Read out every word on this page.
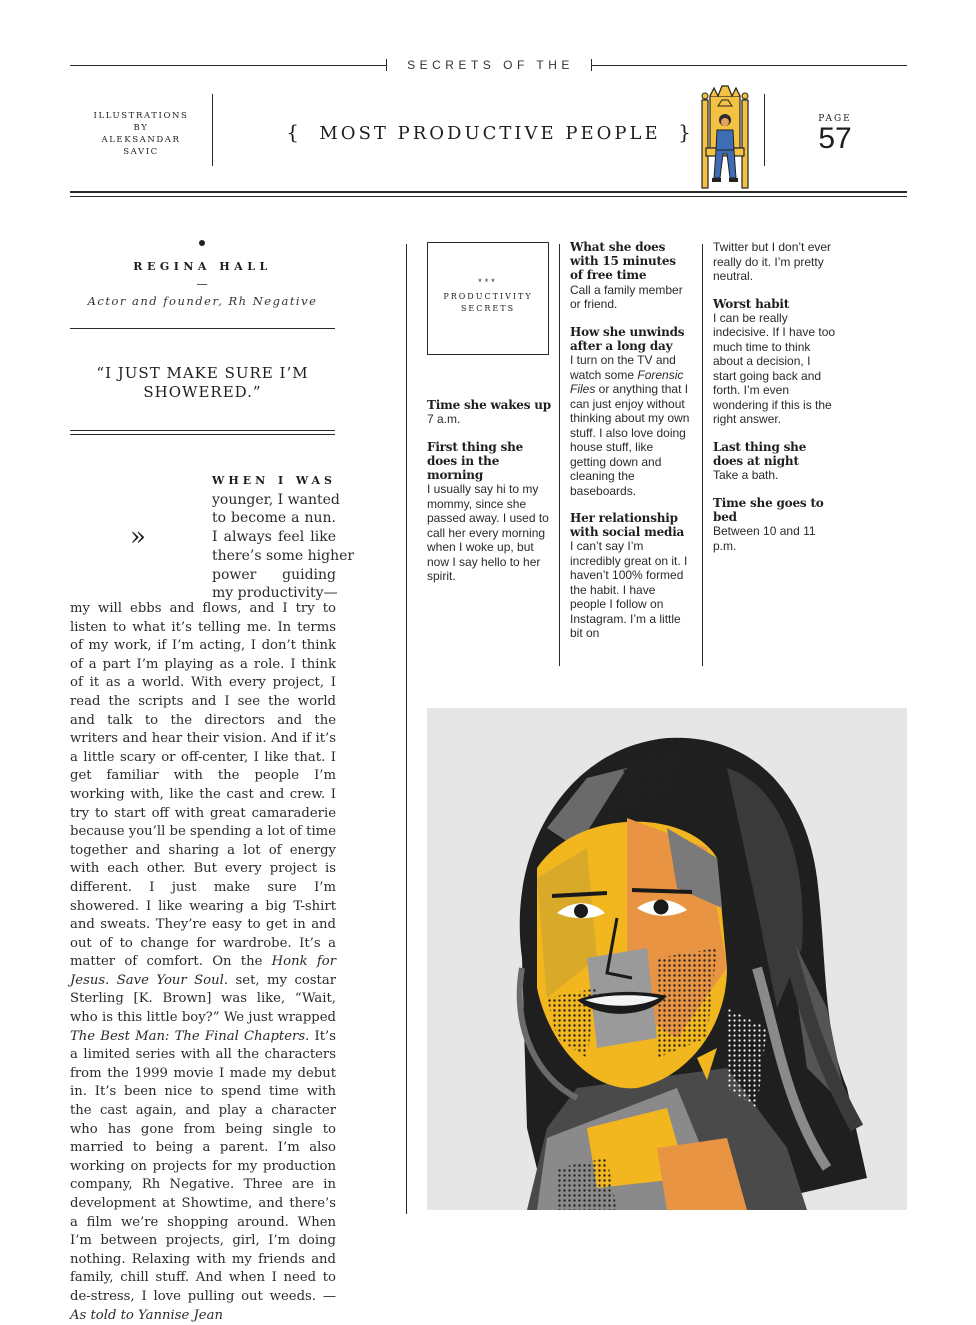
SECRETS OF THE
ILLUSTRATIONS
BY
ALEKSANDAR
SAVIC
{ MOST PRODUCTIVE PEOPLE }
PAGE
57
REGINA HALL
Actor and founder, Rh Negative
“I JUST MAKE SURE I’M SHOWERED.”
»
WHEN I WAS
younger, I wanted
to become a nun.
I always feel like
there’s some higher
power guiding
my productivity—
my will ebbs and flows, and I try to listen to what it’s telling me. In terms of my work, if I’m acting, I don’t think of a part I’m playing as a role. I think of it as a world. With every project, I read the scripts and I see the world and talk to the directors and the writers and hear their vision. And if it’s a little scary or off-center, I like that. I get familiar with the people I’m working with, like the cast and crew. I try to start off with great camaraderie because you’ll be spending a lot of time together and sharing a lot of energy with each other. But every project is different. I just make sure I’m showered. I like wearing a big T-shirt and sweats. They’re easy to get in and out of to change for wardrobe. It’s a matter of comfort. On the Honk for Jesus. Save Your Soul. set, my costar Sterling [K. Brown] was like, “Wait, who is this little boy?” We just wrapped The Best Man: The Final Chapters. It’s a limited series with all the characters from the 1999 movie I made my debut in. It’s been nice to spend time with the cast again, and play a character who has gone from being single to married to being a parent. I’m also working on projects for my production company, Rh Negative. Three are in development at Showtime, and there’s a film we’re shopping around. When I’m between projects, girl, I’m doing nothing. Relaxing with my friends and family, chill stuff. And when I need to de-stress, I love pulling out weeds. —As told to Yannise Jean
***
PRODUCTIVITY
SECRETS
Time she wakes up
7 a.m.
First thing she does in the morning
I usually say hi to my mommy, since she passed away. I used to call her every morning when I woke up, but now I say hello to her spirit.
What she does with 15 minutes of free time
Call a family member or friend.
How she unwinds after a long day
I turn on the TV and watch some Forensic Files or anything that I can just enjoy without thinking about my own stuff. I also love doing house stuff, like getting down and cleaning the baseboards.
Her relationship with social media
I can’t say I’m incredibly great on it. I haven’t 100% formed the habit. I have people I follow on Instagram. I’m a little bit on
Twitter but I don’t ever really do it. I’m pretty neutral.
Worst habit
I can be really indecisive. If I have too much time to think about a decision, I start going back and forth. I’m even wondering if this is the right answer.
Last thing she does at night
Take a bath.
Time she goes to bed
Between 10 and 11 p.m.
